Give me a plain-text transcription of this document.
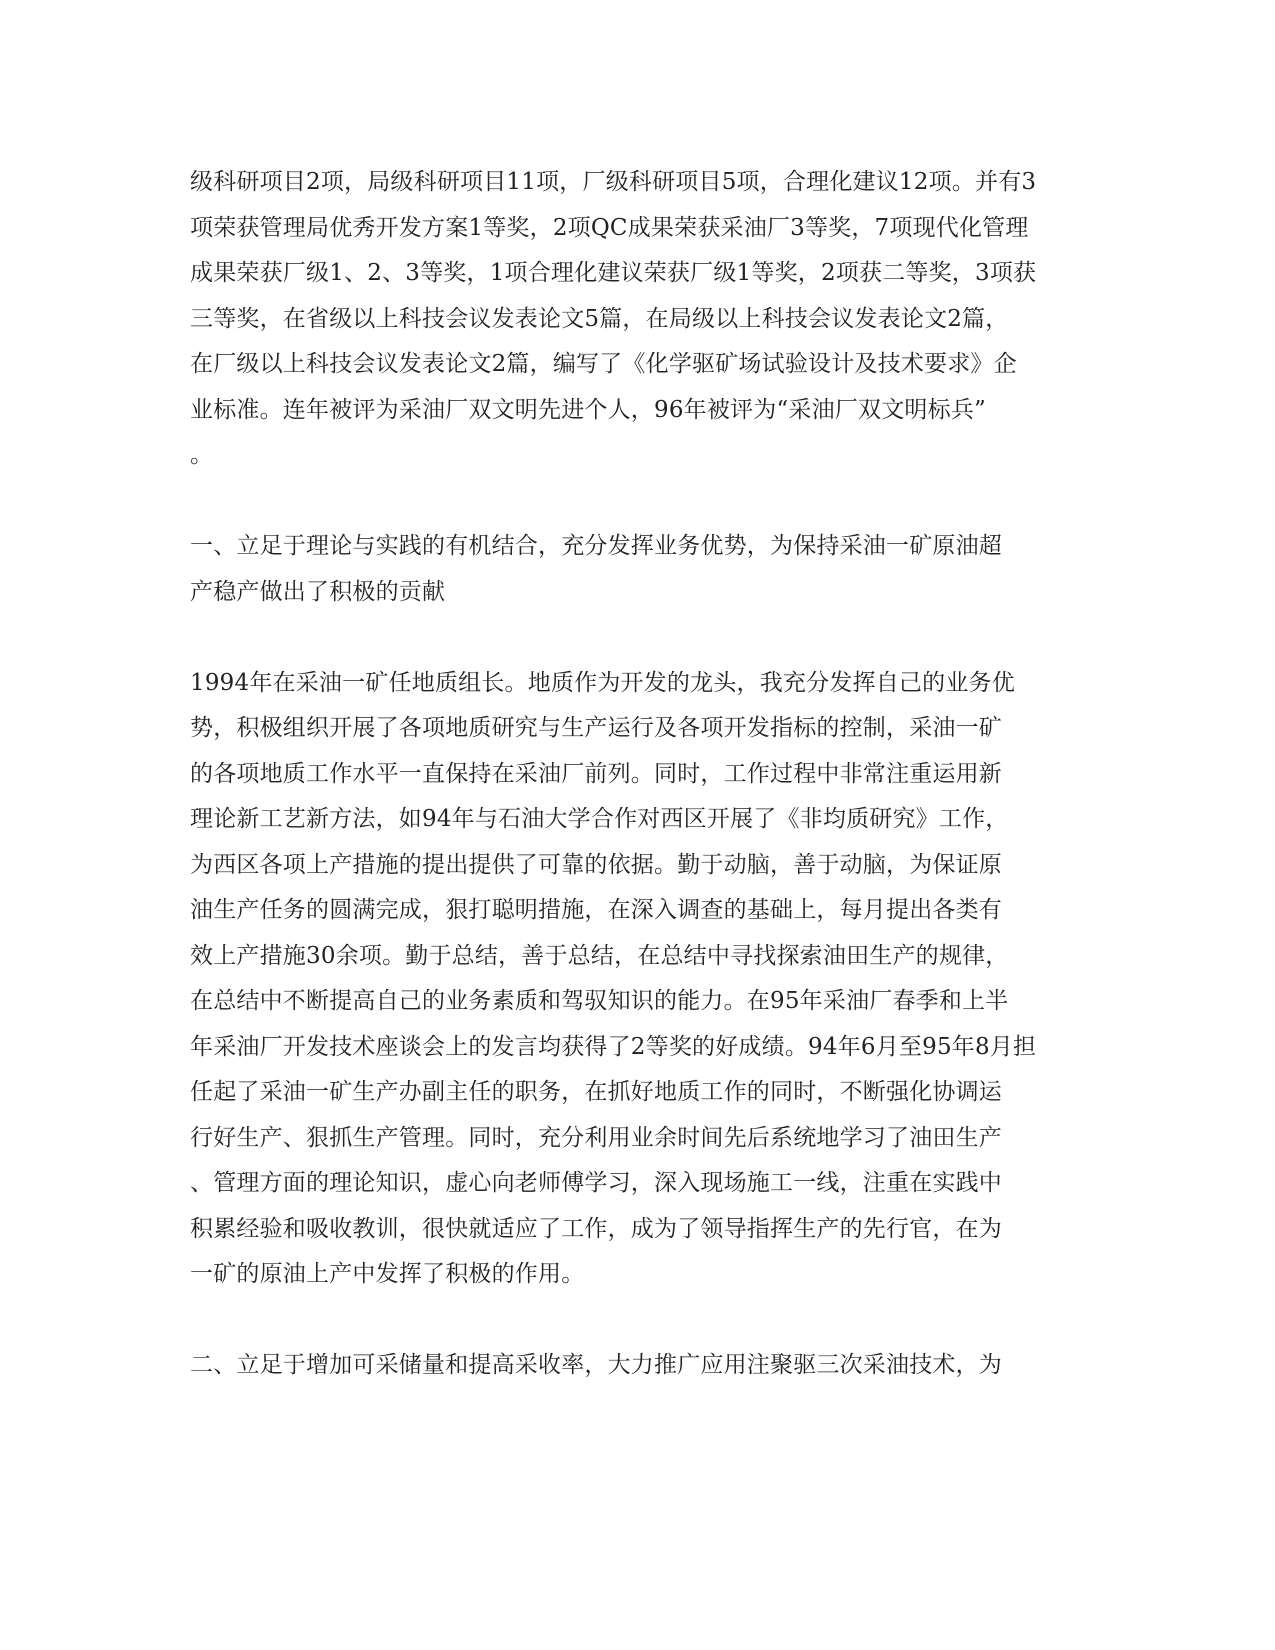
级科研项目2项，局级科研项目11项，厂级科研项目5项，合理化建议12项。并有3
项荣获管理局优秀开发方案1等奖，2项QC成果荣获采油厂3等奖，7项现代化管理
成果荣获厂级1、2、3等奖，1项合理化建议荣获厂级1等奖，2项获二等奖，3项获
三等奖，在省级以上科技会议发表论文5篇，在局级以上科技会议发表论文2篇，
在厂级以上科技会议发表论文2篇，编写了《化学驱矿场试验设计及技术要求》企
业标准。连年被评为采油厂双文明先进个人，96年被评为“采油厂双文明标兵”
。
一、立足于理论与实践的有机结合，充分发挥业务优势，为保持采油一矿原油超
产稳产做出了积极的贡献
1994年在采油一矿任地质组长。地质作为开发的龙头，我充分发挥自己的业务优
势，积极组织开展了各项地质研究与生产运行及各项开发指标的控制，采油一矿
的各项地质工作水平一直保持在采油厂前列。同时，工作过程中非常注重运用新
理论新工艺新方法，如94年与石油大学合作对西区开展了《非均质研究》工作，
为西区各项上产措施的提出提供了可靠的依据。勤于动脑，善于动脑，为保证原
油生产任务的圆满完成，狠打聪明措施，在深入调查的基础上，每月提出各类有
效上产措施30余项。勤于总结，善于总结，在总结中寻找探索油田生产的规律，
在总结中不断提高自己的业务素质和驾驭知识的能力。在95年采油厂春季和上半
年采油厂开发技术座谈会上的发言均获得了2等奖的好成绩。94年6月至95年8月担
任起了采油一矿生产办副主任的职务，在抓好地质工作的同时，不断强化协调运
行好生产、狠抓生产管理。同时，充分利用业余时间先后系统地学习了油田生产
、管理方面的理论知识，虚心向老师傅学习，深入现场施工一线，注重在实践中
积累经验和吸收教训，很快就适应了工作，成为了领导指挥生产的先行官，在为
一矿的原油上产中发挥了积极的作用。
二、立足于增加可采储量和提高采收率，大力推广应用注聚驱三次采油技术，为
